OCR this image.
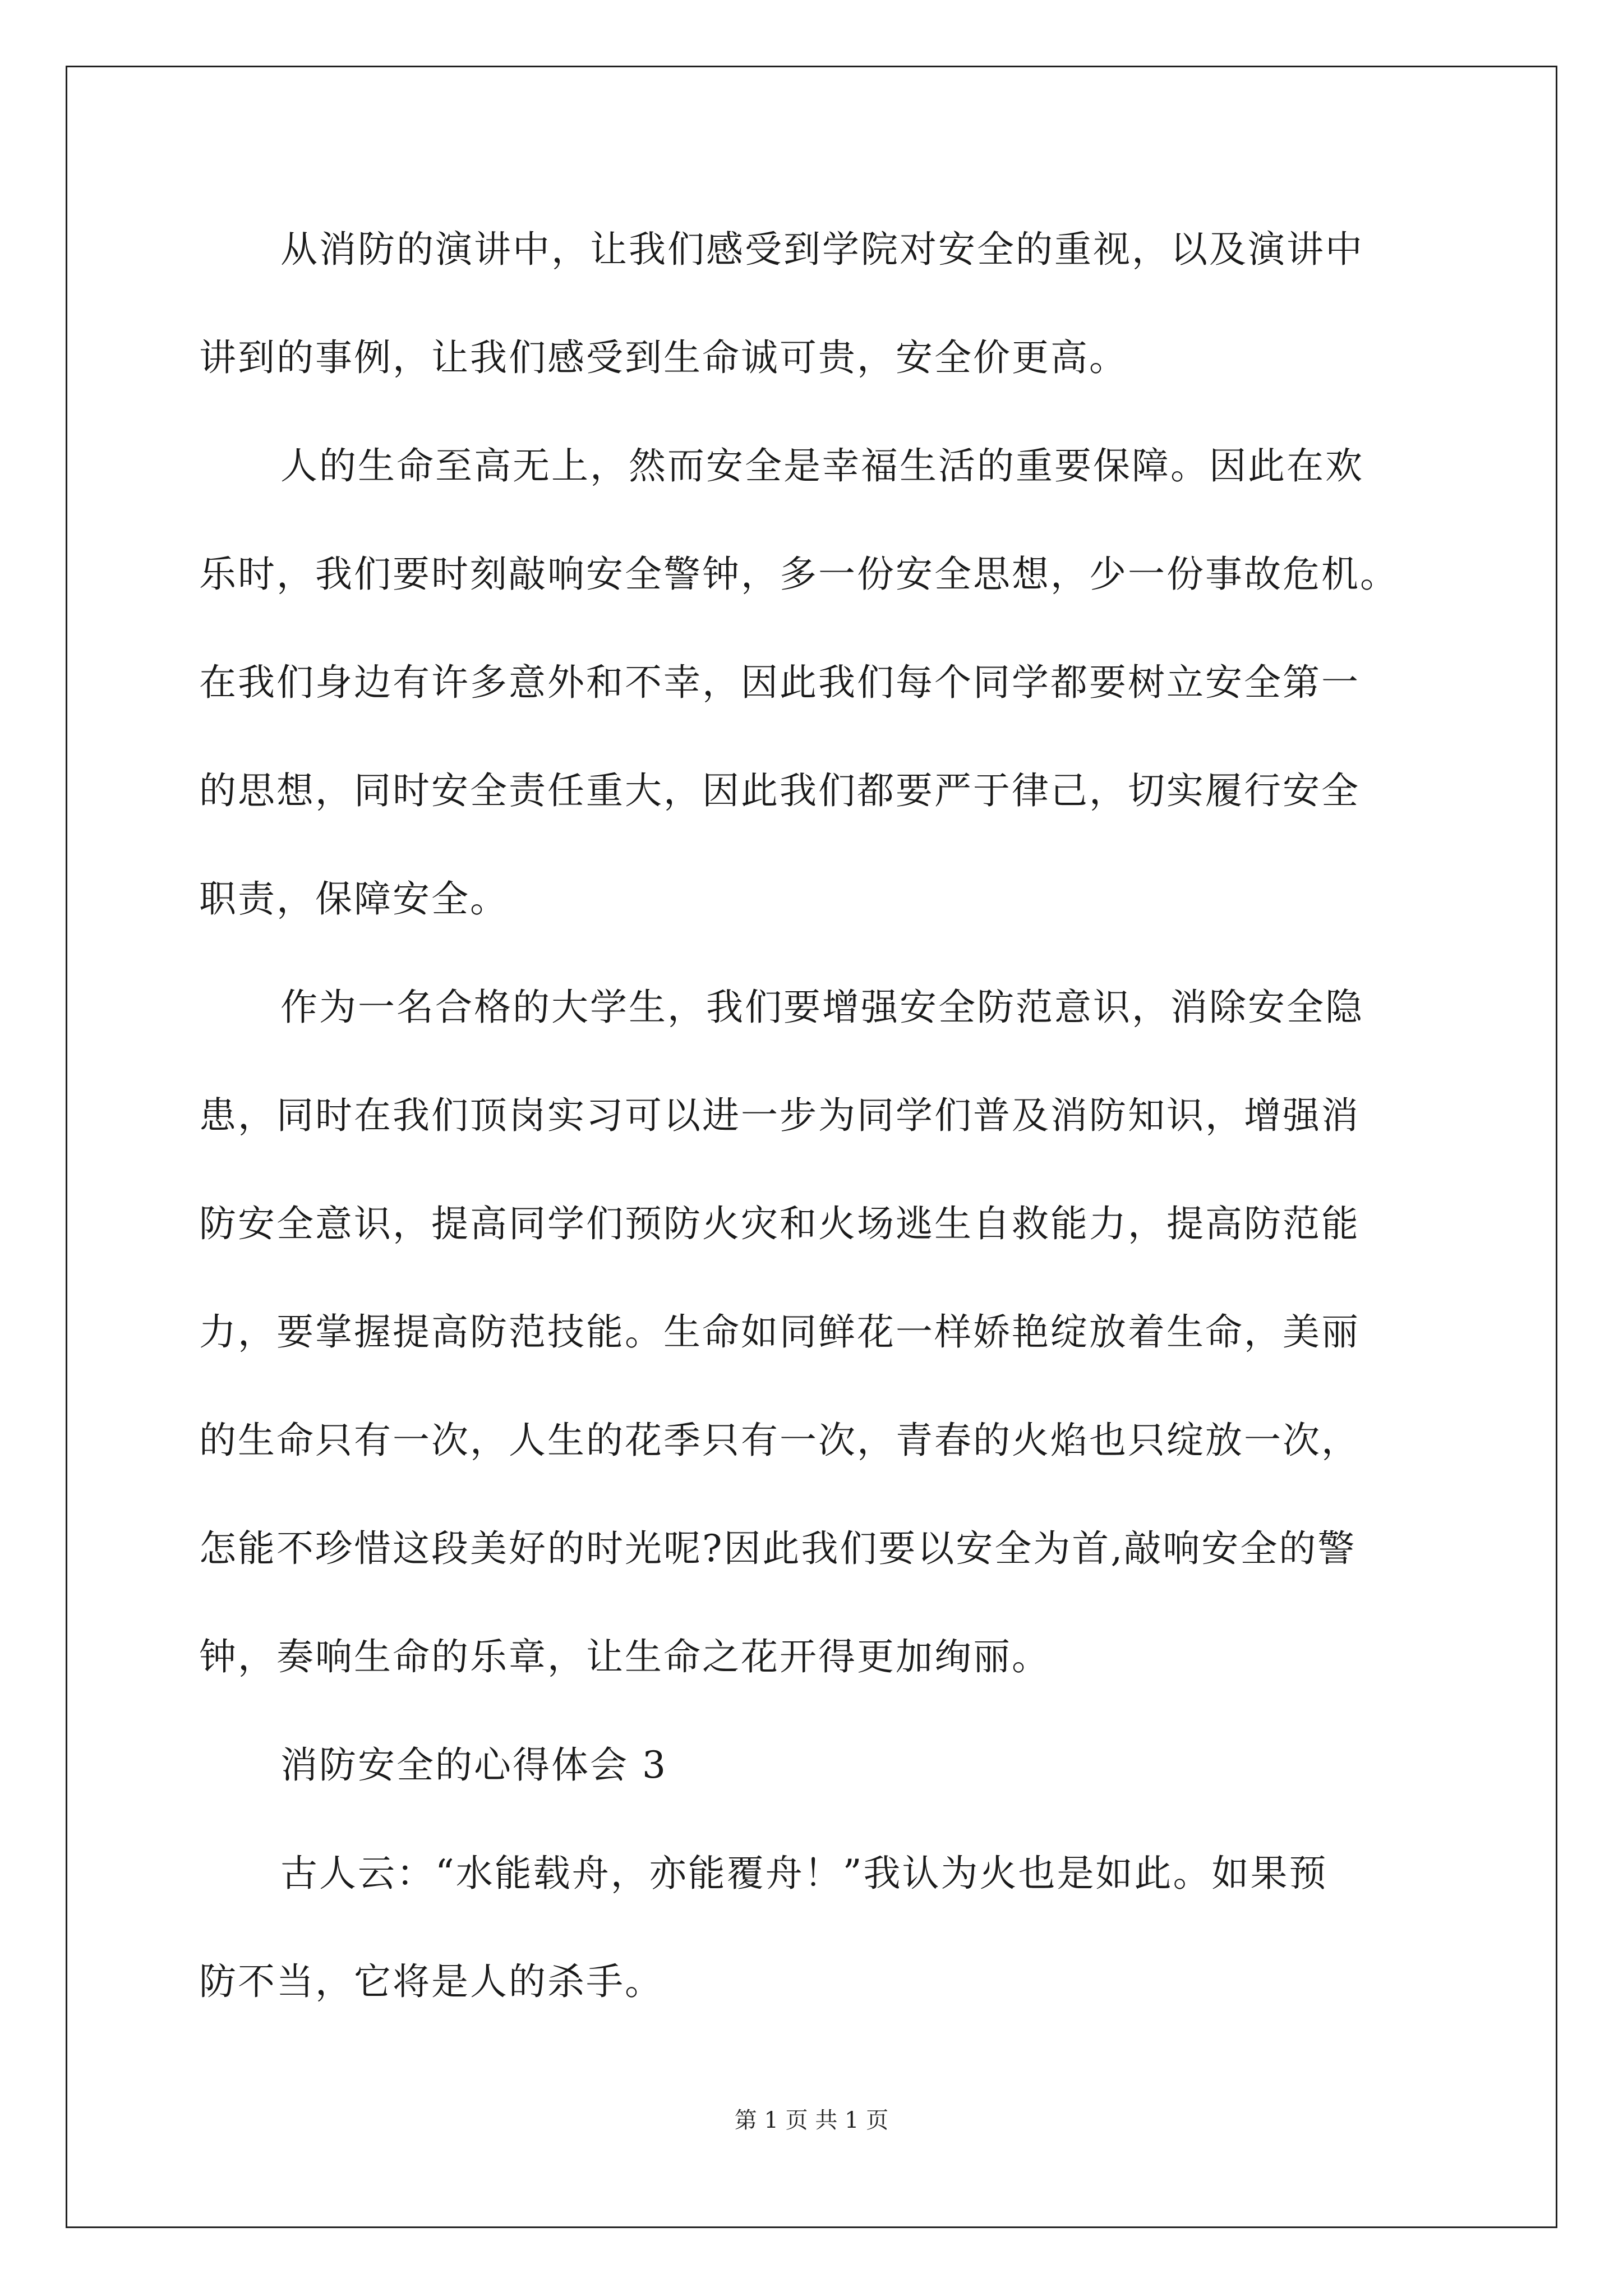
从消防的演讲中，让我们感受到学院对安全的重视，以及演讲中
讲到的事例，让我们感受到生命诚可贵，安全价更高。
人的生命至高无上，然而安全是幸福生活的重要保障。因此在欢
乐时，我们要时刻敲响安全警钟，多一份安全思想，少一份事故危机。
在我们身边有许多意外和不幸，因此我们每个同学都要树立安全第一
的思想，同时安全责任重大，因此我们都要严于律己，切实履行安全
职责，保障安全。
作为一名合格的大学生，我们要增强安全防范意识，消除安全隐
患，同时在我们顶岗实习可以进一步为同学们普及消防知识，增强消
防安全意识，提高同学们预防火灾和火场逃生自救能力，提高防范能
力，要掌握提高防范技能。生命如同鲜花一样娇艳绽放着生命，美丽
的生命只有一次，人生的花季只有一次，青春的火焰也只绽放一次，
怎能不珍惜这段美好的时光呢?因此我们要以安全为首,敲响安全的警
钟，奏响生命的乐章，让生命之花开得更加绚丽。
消防安全的心得体会 3
古人云：“水能载舟，亦能覆舟！”我认为火也是如此。如果预
防不当，它将是人的杀手。
第 1 页 共 1 页
